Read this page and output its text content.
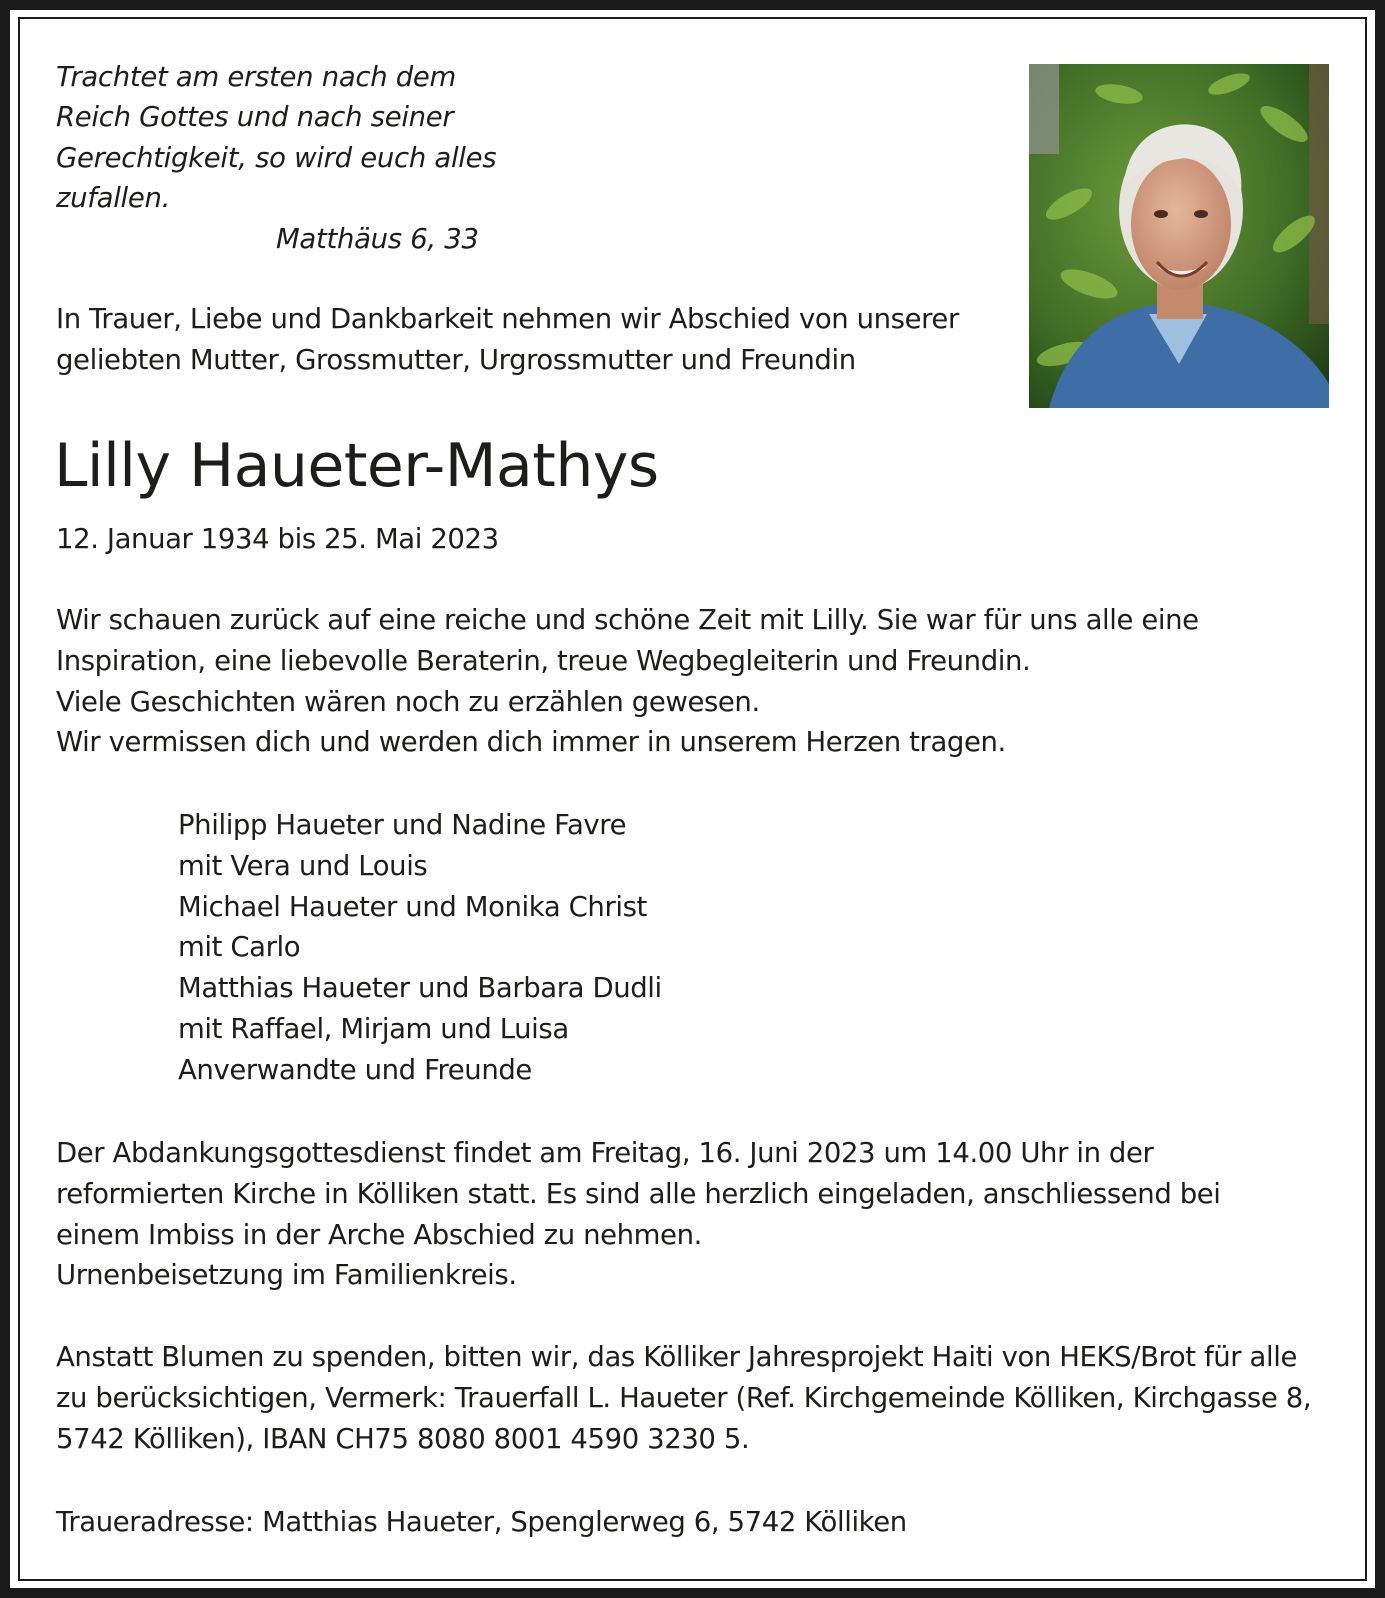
Trachtet am ersten nach dem
Reich Gottes und nach seiner
Gerechtigkeit, so wird euch alles
zufallen.
Matthäus 6, 33
In Trauer, Liebe und Dankbarkeit nehmen wir Abschied von unserer
geliebten Mutter, Grossmutter, Urgrossmutter und Freundin
Lilly Haueter-Mathys
12. Januar 1934 bis 25. Mai 2023
Wir schauen zurück auf eine reiche und schöne Zeit mit Lilly. Sie war für uns alle eine
Inspiration, eine liebevolle Beraterin, treue Wegbegleiterin und Freundin.
Viele Geschichten wären noch zu erzählen gewesen.
Wir vermissen dich und werden dich immer in unserem Herzen tragen.
Philipp Haueter und Nadine Favre
mit Vera und Louis
Michael Haueter und Monika Christ
mit Carlo
Matthias Haueter und Barbara Dudli
mit Raffael, Mirjam und Luisa
Anverwandte und Freunde
Der Abdankungsgottesdienst findet am Freitag, 16. Juni 2023 um 14.00 Uhr in der
reformierten Kirche in Kölliken statt. Es sind alle herzlich eingeladen, anschliessend bei
einem Imbiss in der Arche Abschied zu nehmen.
Urnenbeisetzung im Familienkreis.
Anstatt Blumen zu spenden, bitten wir, das Kölliker Jahresprojekt Haiti von HEKS/Brot für alle
zu berücksichtigen, Vermerk: Trauerfall L. Haueter (Ref. Kirchgemeinde Kölliken, Kirchgasse 8,
5742 Kölliken), IBAN CH75 8080 8001 4590 3230 5.
Traueradresse: Matthias Haueter, Spenglerweg 6, 5742 Kölliken
